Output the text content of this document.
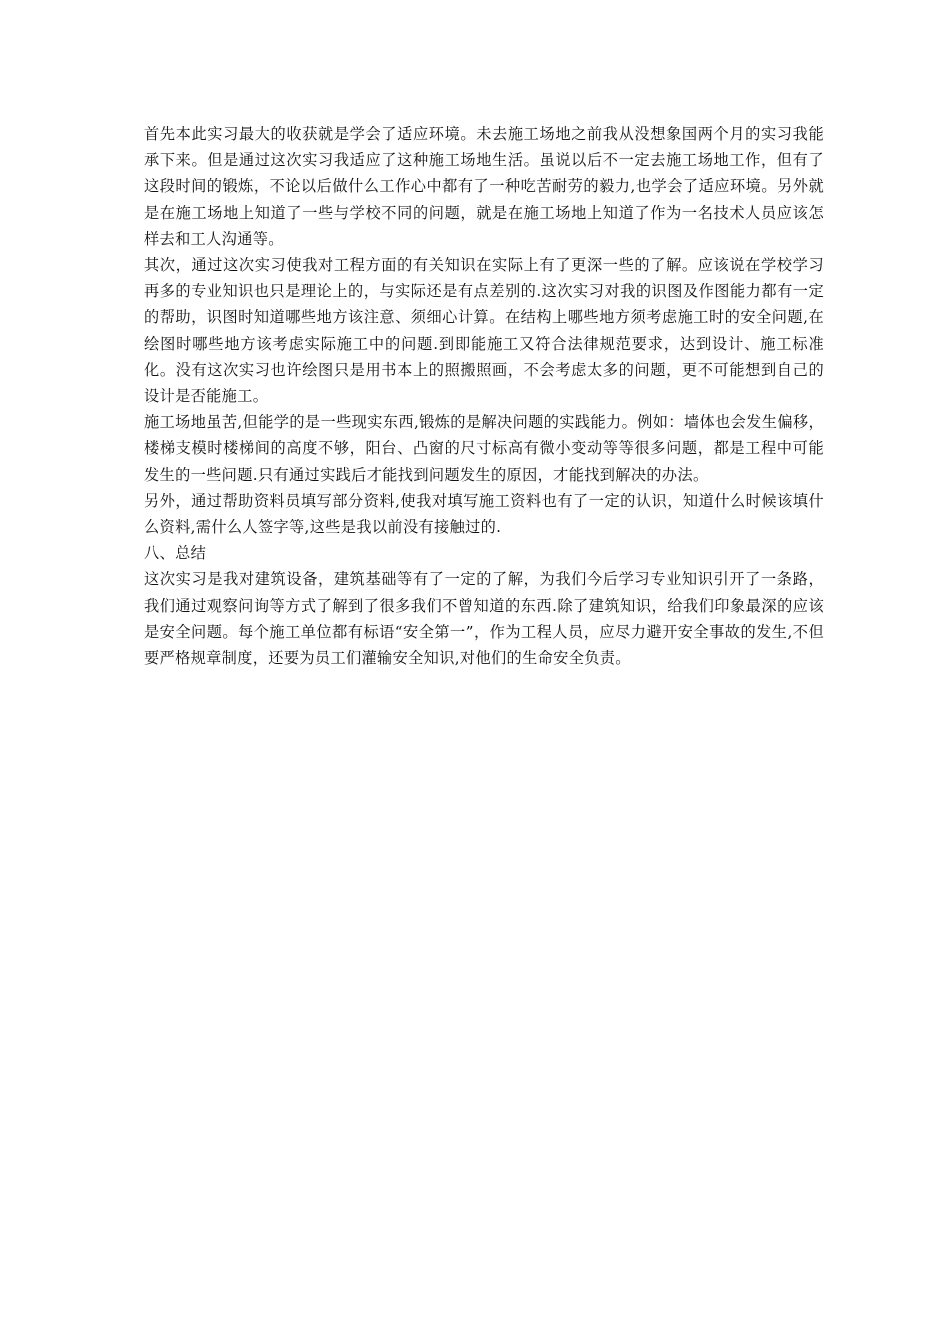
首先本此实习最大的收获就是学会了适应环境。未去施工场地之前我从没想象国两个月的实习我能承下来。但是通过这次实习我适应了这种施工场地生活。虽说以后不一定去施工场地工作，但有了这段时间的锻炼，不论以后做什么工作心中都有了一种吃苦耐劳的毅力,也学会了适应环境。另外就是在施工场地上知道了一些与学校不同的问题，就是在施工场地上知道了作为一名技术人员应该怎样去和工人沟通等。

其次，通过这次实习使我对工程方面的有关知识在实际上有了更深一些的了解。应该说在学校学习再多的专业知识也只是理论上的，与实际还是有点差别的.这次实习对我的识图及作图能力都有一定的帮助，识图时知道哪些地方该注意、须细心计算。在结构上哪些地方须考虑施工时的安全问题,在绘图时哪些地方该考虑实际施工中的问题.到即能施工又符合法律规范要求，达到设计、施工标准化。没有这次实习也许绘图只是用书本上的照搬照画，不会考虑太多的问题，更不可能想到自己的设计是否能施工。

施工场地虽苦,但能学的是一些现实东西,锻炼的是解决问题的实践能力。例如：墙体也会发生偏移，楼梯支模时楼梯间的高度不够，阳台、凸窗的尺寸标高有微小变动等等很多问题，都是工程中可能发生的一些问题.只有通过实践后才能找到问题发生的原因，才能找到解决的办法。

另外，通过帮助资料员填写部分资料,使我对填写施工资料也有了一定的认识，知道什么时候该填什么资料,需什么人签字等,这些是我以前没有接触过的.

八、总结

这次实习是我对建筑设备，建筑基础等有了一定的了解，为我们今后学习专业知识引开了一条路，我们通过观察问询等方式了解到了很多我们不曾知道的东西.除了建筑知识，给我们印象最深的应该是安全问题。每个施工单位都有标语“安全第一”，作为工程人员，应尽力避开安全事故的发生,不但要严格规章制度，还要为员工们灌输安全知识,对他们的生命安全负责。
